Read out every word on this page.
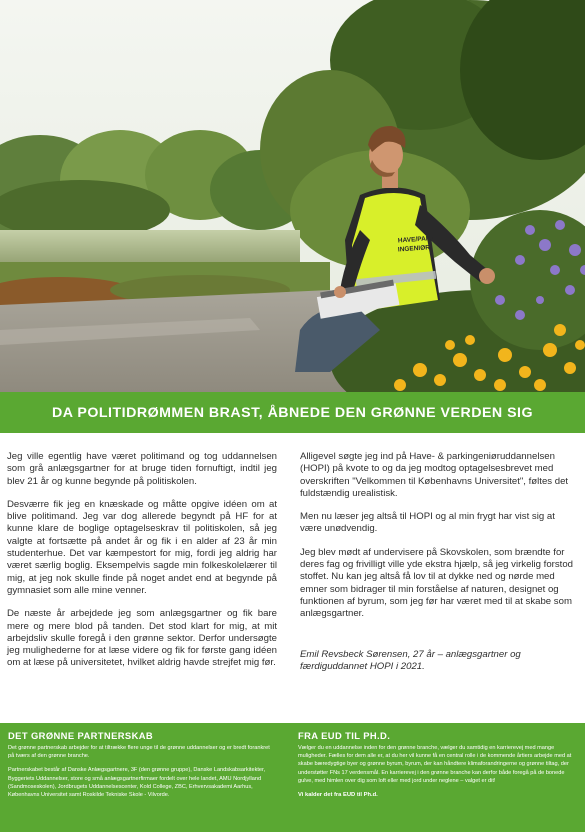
HAVE/PARK
INGENIØR
DA POLITIDRØMMEN BRAST, ÅBNEDE DEN GRØNNE VERDEN SIG

Jeg ville egentlig have været politimand og tog uddannelsen som grå anlægsgartner for at bruge tiden fornuftigt, indtil jeg blev 21 år og kunne begynde på politiskolen.

Desværre fik jeg en knæskade og måtte opgive idéen om at blive politimand. Jeg var dog allerede begyndt på HF for at kunne klare de boglige optagelseskrav til politiskolen, så jeg valgte at fortsætte på andet år og fik i en alder af 23 år min studenterhue. Det var kæmpestort for mig, fordi jeg aldrig har været særlig boglig. Eksempelvis sagde min folkeskolelærer til mig, at jeg nok skulle finde på noget andet end at begynde på gymnasiet som alle mine venner.

De næste år arbejdede jeg som anlægsgartner og fik bare mere og mere blod på tanden. Det stod klart for mig, at mit arbejdsliv skulle foregå i den grønne sektor. Derfor undersøgte jeg mulighederne for at læse videre og fik for første gang idéen om at læse på universitetet, hvilket aldrig havde strejfet mig før.

Alligevel søgte jeg ind på Have- & parkingeniøruddannelsen (HOPI) på kvote to og da jeg modtog optagelsesbrevet med overskriften "Velkommen til Københavns Universitet", føltes det fuldstændig urealistisk.

Men nu læser jeg altså til HOPI og al min frygt har vist sig at være unødvendig.

Jeg blev mødt af undervisere på Skovskolen, som brændte for deres fag og frivilligt ville yde ekstra hjælp, så jeg virkelig forstod stoffet. Nu kan jeg altså få lov til at dykke ned og nørde med emner som bidrager til min forståelse af naturen, designet og funktionen af byrum, som jeg før har været med til at skabe som anlægsgartner.

Emil Revsbeck Sørensen, 27 år – anlægsgartner og færdiguddannet HOPI i 2021.

DET GRØNNE PARTNERSKAB

Det grønne partnerskab arbejder for at tiltrække flere unge til de grønne uddannelser og er bredt forankret på tværs af den grønne branche.

Partnerskabet består af Danske Anlægsgartnere, 3F (den grønne gruppe), Danske Landskabsarkitekter, Byggeriets Uddannelser, store og små anlægsgartnerfirmaer fordelt over hele landet, AMU Nordjylland (Sandmoseskolen), Jordbrugets Uddannelsescenter, Kold College, ZBC, Erhvervsakademi Aarhus, Københavns Universitet samt Roskilde Tekniske Skole - Vilvorde.

FRA EUD TIL PH.D.

Vælger du en uddannelse inden for den grønne branche, vælger du samtidig en karrierevej med mange muligheder. Fælles for dem alle er, at du her vil kunne få en central rolle i de kommende årtiers arbejde med at skabe bæredygtige byer og grønne byrum, byrum, der kan håndtere klimaforandringerne og grønne tiltag, der understøtter FNs 17 verdensmål. En karrierevej i den grønne branche kan derfor både foregå på de bonede gulve, med himlen over dig som loft eller med jord under neglene – valget er dit!

Vi kalder det fra EUD til Ph.d.
